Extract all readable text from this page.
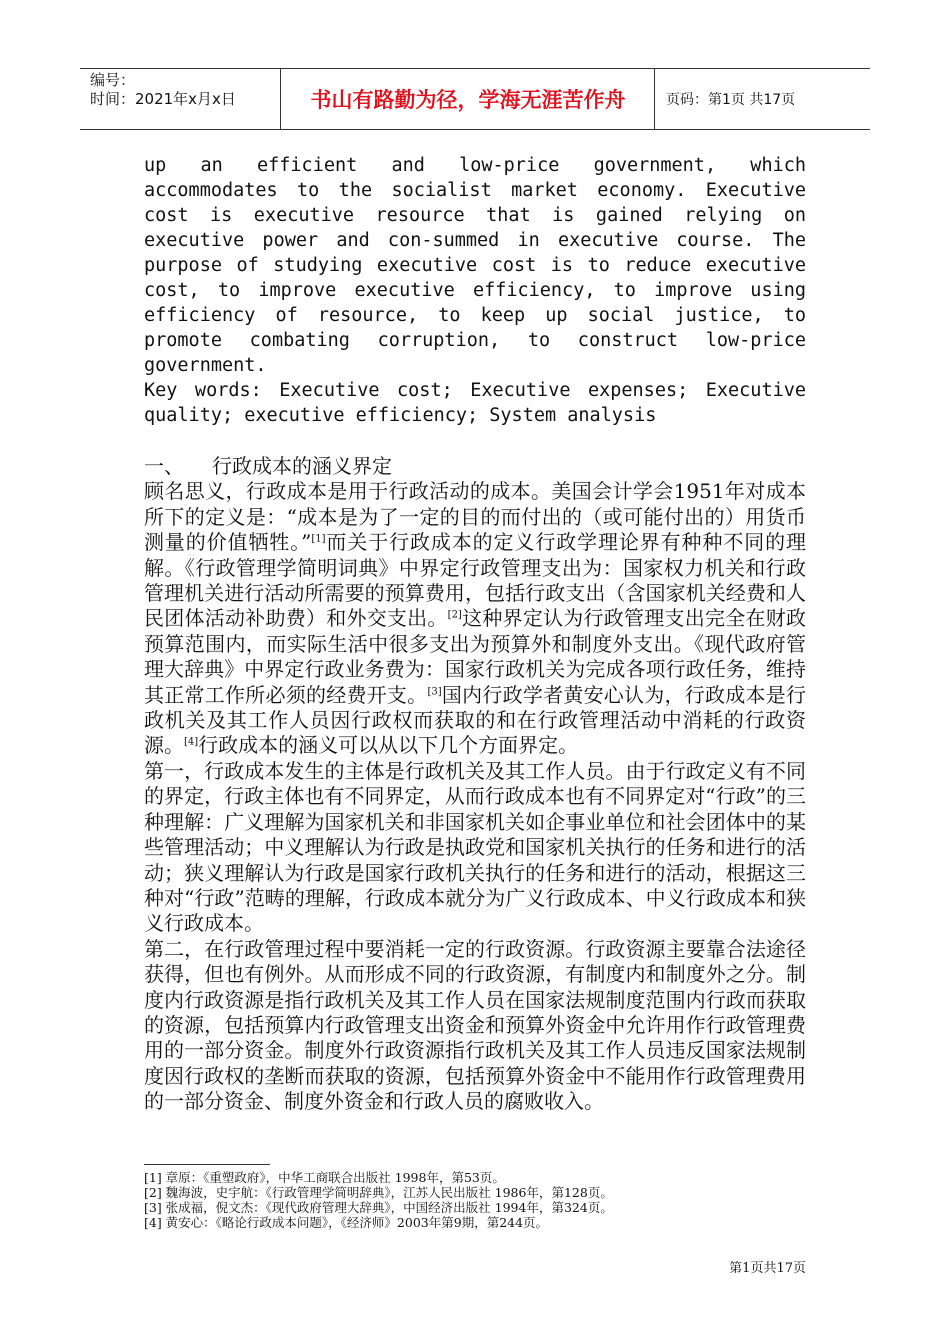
编号：
时间：2021年x月x日	书山有路勤为径，学海无涯苦作舟	页码：第1页 共17页

up an efficient and low-price government, which accommodates to the socialist market economy. Executive cost is executive resource that is gained relying on executive power and con-summed in executive course. The purpose of studying executive cost is to reduce executive cost, to improve executive efficiency, to improve using efficiency of resource, to keep up social justice, to promote combating corruption, to construct low-price government.

Key words: Executive cost; Executive expenses; Executive quality; executive efficiency; System analysis

一、 行政成本的涵义界定

顾名思义，行政成本是用于行政活动的成本。美国会计学会1951年对成本所下的定义是：“成本是为了一定的目的而付出的（或可能付出的）用货币测量的价值牺牲。”[1]而关于行政成本的定义行政学理论界有种种不同的理解。《行政管理学简明词典》中界定行政管理支出为：国家权力机关和行政管理机关进行活动所需要的预算费用，包括行政支出（含国家机关经费和人民团体活动补助费）和外交支出。[2]这种界定认为行政管理支出完全在财政预算范围内，而实际生活中很多支出为预算外和制度外支出。《现代政府管理大辞典》中界定行政业务费为：国家行政机关为完成各项行政任务，维持其正常工作所必须的经费开支。[3]国内行政学者黄安心认为，行政成本是行政机关及其工作人员因行政权而获取的和在行政管理活动中消耗的行政资源。[4]行政成本的涵义可以从以下几个方面界定。

第一，行政成本发生的主体是行政机关及其工作人员。由于行政定义有不同的界定，行政主体也有不同界定，从而行政成本也有不同界定对“行政”的三种理解：广义理解为国家机关和非国家机关如企事业单位和社会团体中的某些管理活动；中义理解认为行政是执政党和国家机关执行的任务和进行的活动；狭义理解认为行政是国家行政机关执行的任务和进行的活动，根据这三种对“行政”范畴的理解，行政成本就分为广义行政成本、中义行政成本和狭义行政成本。

第二，在行政管理过程中要消耗一定的行政资源。行政资源主要靠合法途径获得，但也有例外。从而形成不同的行政资源，有制度内和制度外之分。制度内行政资源是指行政机关及其工作人员在国家法规制度范围内行政而获取的资源，包括预算内行政管理支出资金和预算外资金中允许用作行政管理费用的一部分资金。制度外行政资源指行政机关及其工作人员违反国家法规制度因行政权的垄断而获取的资源，包括预算外资金中不能用作行政管理费用的一部分资金、制度外资金和行政人员的腐败收入。

[1] 章原：《重塑政府》，中华工商联合出版社 1998年，第53页。

[2] 魏海波，史宇航：《行政管理学简明辞典》，江苏人民出版社 1986年，第128页。

[3] 张成福，倪文杰：《现代政府管理大辞典》，中国经济出版社 1994年，第324页。

[4] 黄安心：《略论行政成本问题》，《经济师》2003年第9期，第244页。

第1页共17页
